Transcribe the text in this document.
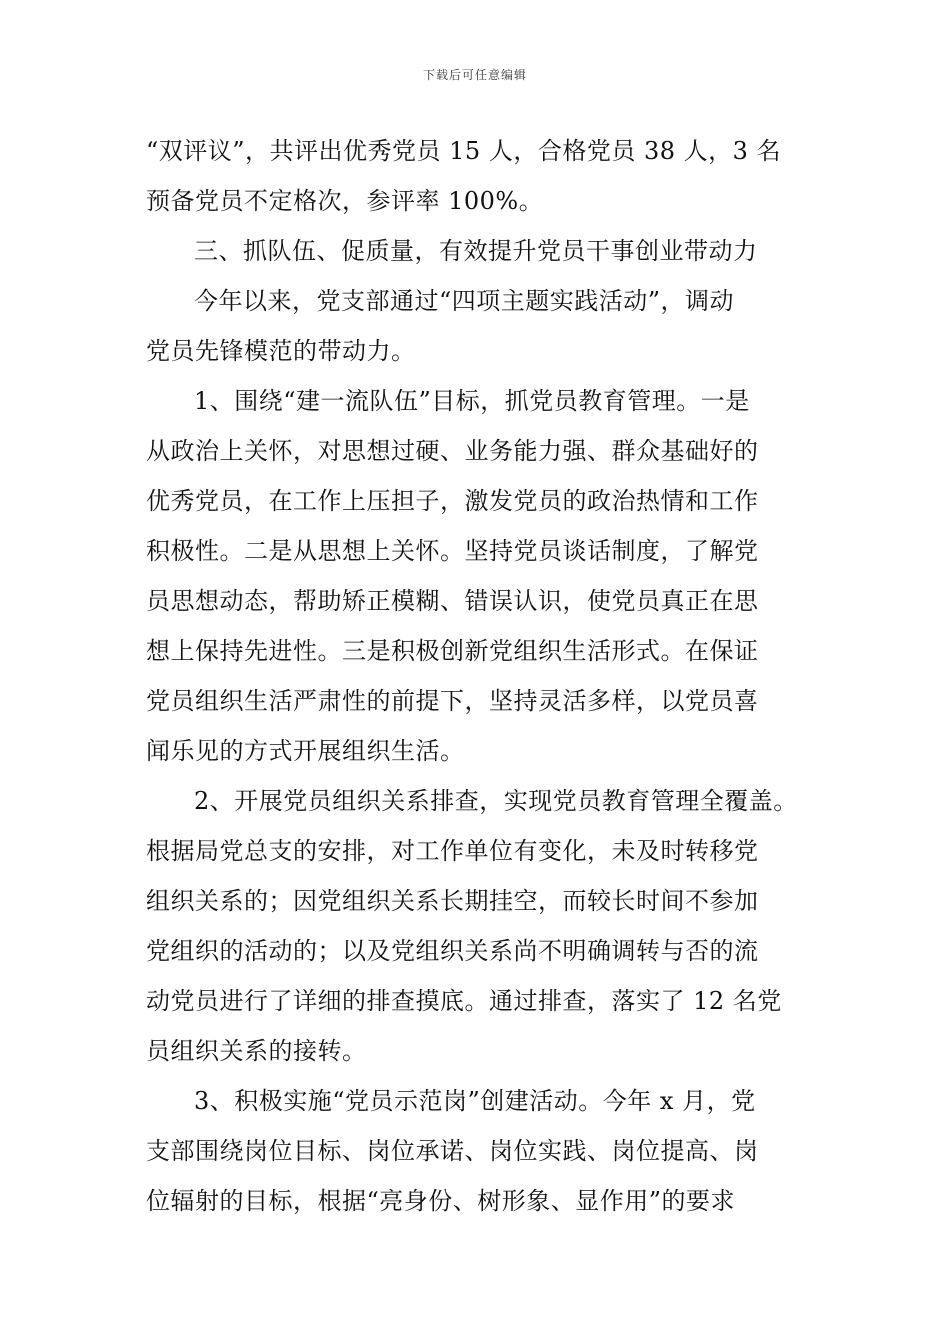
下载后可任意编辑
“双评议”，共评出优秀党员 15 人，合格党员 38 人，3 名
预备党员不定格次，参评率 100%。
三、抓队伍、促质量，有效提升党员干事创业带动力
今年以来，党支部通过“四项主题实践活动”，调动
党员先锋模范的带动力。
1、围绕“建一流队伍”目标，抓党员教育管理。一是
从政治上关怀，对思想过硬、业务能力强、群众基础好的
优秀党员，在工作上压担子，激发党员的政治热情和工作
积极性。二是从思想上关怀。坚持党员谈话制度，了解党
员思想动态，帮助矫正模糊、错误认识，使党员真正在思
想上保持先进性。三是积极创新党组织生活形式。在保证
党员组织生活严肃性的前提下，坚持灵活多样，以党员喜
闻乐见的方式开展组织生活。
2、开展党员组织关系排查，实现党员教育管理全覆盖。
根据局党总支的安排，对工作单位有变化，未及时转移党
组织关系的；因党组织关系长期挂空，而较长时间不参加
党组织的活动的；以及党组织关系尚不明确调转与否的流
动党员进行了详细的排查摸底。通过排查，落实了 12 名党
员组织关系的接转。
3、积极实施“党员示范岗”创建活动。今年 x 月，党
支部围绕岗位目标、岗位承诺、岗位实践、岗位提高、岗
位辐射的目标，根据“亮身份、树形象、显作用”的要求
